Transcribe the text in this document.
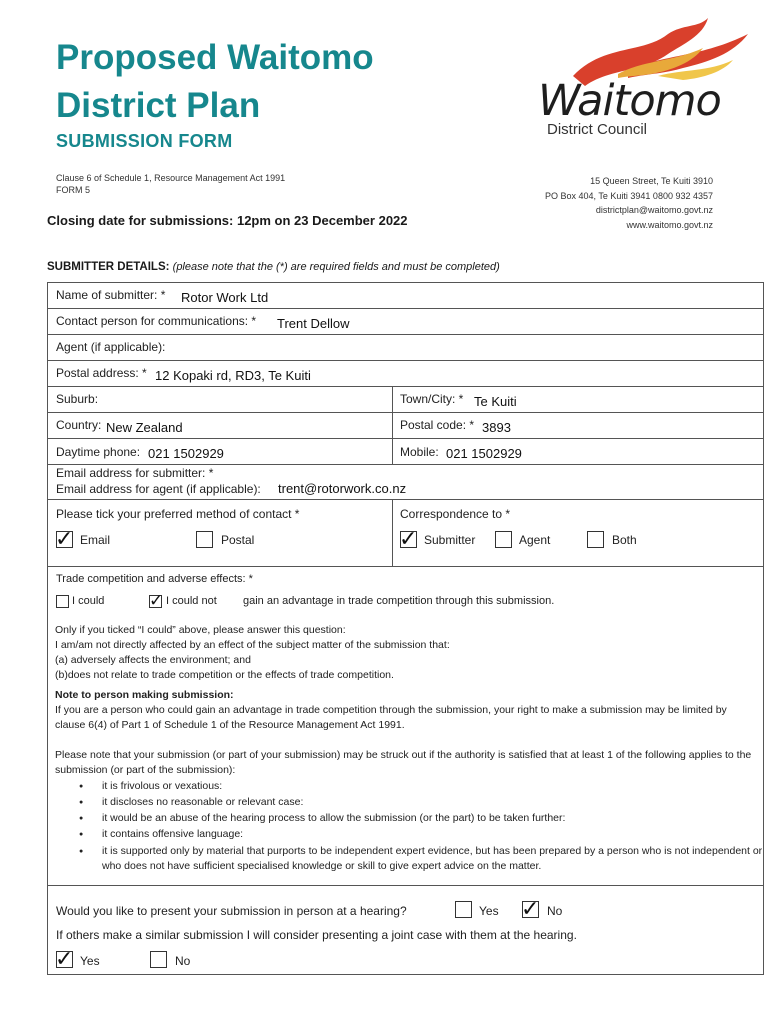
Proposed Waitomo District Plan
SUBMISSION FORM
Clause 6 of Schedule 1, Resource Management Act 1991
FORM 5
Closing date for submissions: 12pm on 23 December 2022
Waitomo
District Council
15 Queen Street, Te Kuiti 3910
PO Box 404, Te Kuiti 3941 0800 932 4357
districtplan@waitomo.govt.nz
www.waitomo.govt.nz
SUBMITTER DETAILS: (please note that the (*) are required fields and must be completed)
Name of submitter: * Rotor Work Ltd
Contact person for communications: * Trent Dellow
Agent (if applicable):
Postal address: * 12 Kopaki rd, RD3, Te Kuiti
Suburb:	Town/City: * Te Kuiti
Country: New Zealand	Postal code: * 3893
Daytime phone: 021 1502929	Mobile: 021 1502929
Email address for submitter: *
Email address for agent (if applicable): trent@rotorwork.co.nz
Please tick your preferred method of contact *
✓ Email	Postal
Correspondence to *
✓ Submitter	Agent	Both
Trade competition and adverse effects: *
I could	✓ I could not gain an advantage in trade competition through this submission.

Only if you ticked “I could” above, please answer this question:

I am/am not directly affected by an effect of the subject matter of the submission that:

(a) adversely affects the environment; and

(b)does not relate to trade competition or the effects of trade competition.

Note to person making submission:

If you are a person who could gain an advantage in trade competition through the submission, your right to make a submission may be limited by clause 6(4) of Part 1 of Schedule 1 of the Resource Management Act 1991.

Please note that your submission (or part of your submission) may be struck out if the authority is satisfied that at least 1 of the following applies to the submission (or part of the submission):
● it is frivolous or vexatious:
● it discloses no reasonable or relevant case:
● it would be an abuse of the hearing process to allow the submission (or the part) to be taken further:
● it contains offensive language:
● it is supported only by material that purports to be independent expert evidence, but has been prepared by a person who is not independent or who does not have sufficient specialised knowledge or skill to give expert advice on the matter.
Would you like to present your submission in person at a hearing?	Yes ✓ No
If others make a similar submission I will consider presenting a joint case with them at the hearing.
✓ Yes	No
